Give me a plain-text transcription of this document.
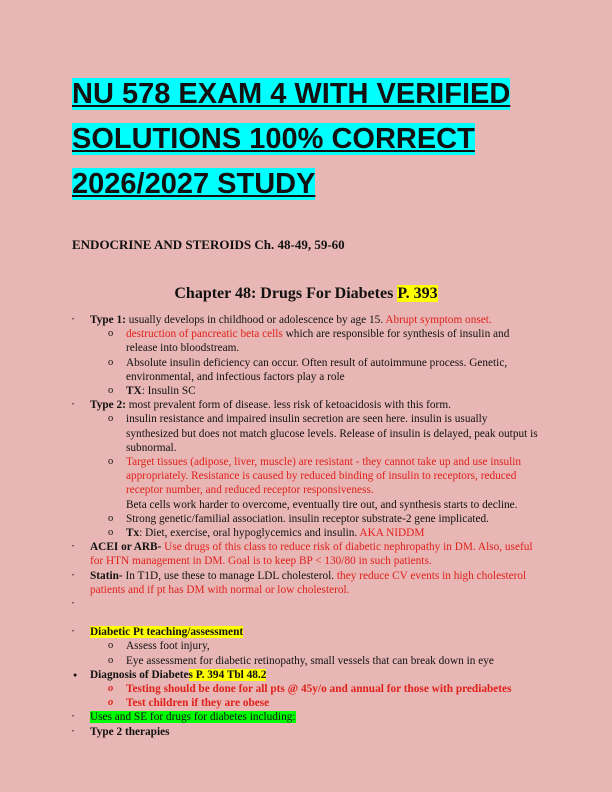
NU 578 EXAM 4 WITH VERIFIED
SOLUTIONS 100% CORRECT
2026/2027 STUDY

ENDOCRINE AND STEROIDS Ch. 48-49, 59-60

Chapter 48: Drugs For Diabetes P. 393

• Type 1: usually develops in childhood or adolescence by age 15. Abrupt symptom onset.
o destruction of pancreatic beta cells which are responsible for synthesis of insulin and release into bloodstream.
o Absolute insulin deficiency can occur. Often result of autoimmune process. Genetic, environmental, and infectious factors play a role
o TX: Insulin SC
• Type 2: most prevalent form of disease. less risk of ketoacidosis with this form.
o insulin resistance and impaired insulin secretion are seen here. insulin is usually synthesized but does not match glucose levels. Release of insulin is delayed, peak output is subnormal.
o Target tissues (adipose, liver, muscle) are resistant - they cannot take up and use insulin appropriately. Resistance is caused by reduced binding of insulin to receptors, reduced receptor number, and reduced receptor responsiveness.
Beta cells work harder to overcome, eventually tire out, and synthesis starts to decline.
o Strong genetic/familial association. insulin receptor substrate-2 gene implicated.
o Tx: Diet, exercise, oral hypoglycemics and insulin. AKA NIDDM
• ACEI or ARB- Use drugs of this class to reduce risk of diabetic nephropathy in DM. Also, useful for HTN management in DM. Goal is to keep BP < 130/80 in such patients.
• Statin- In T1D, use these to manage LDL cholesterol. they reduce CV events in high cholesterol patients and if pt has DM with normal or low cholesterol.
•
• Diabetic Pt teaching/assessment
o Assess foot injury,
o Eye assessment for diabetic retinopathy, small vessels that can break down in eye
● Diagnosis of Diabetes P. 394 Tbl 48.2
o Testing should be done for all pts @ 45y/o and annual for those with prediabetes
o Test children if they are obese
• Uses and SE for drugs for diabetes including:
• Type 2 therapies
